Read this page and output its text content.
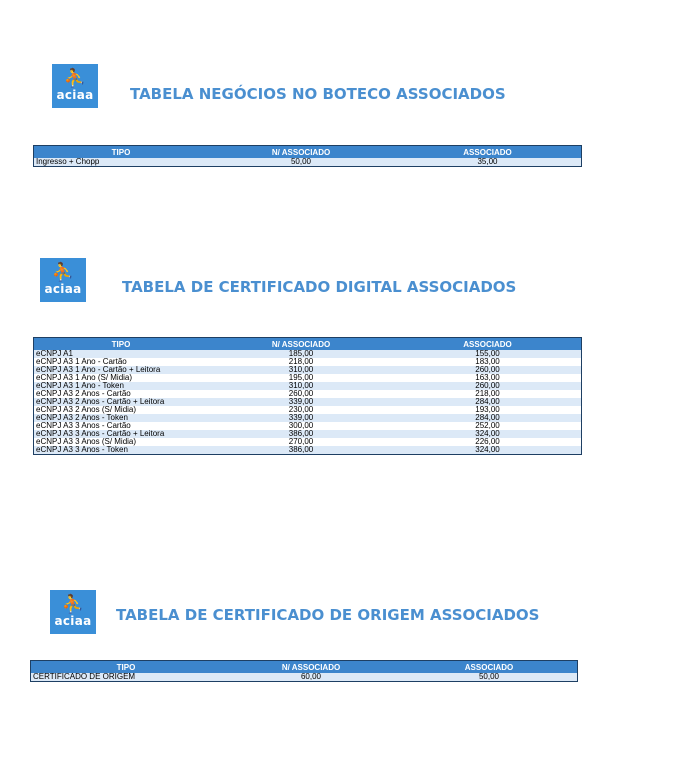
⛹
aciaa TABELA NEGÓCIOS NO BOTECO ASSOCIADOS
TIPO	N/ ASSOCIADO	ASSOCIADO
Ingresso + Chopp	50,00	35,00
⛹
aciaa	TABELA DE CERTIFICADO DIGITAL ASSOCIADOS
TIPO	N/ ASSOCIADO	ASSOCIADO
eCNPJ A1	185,00	155,00
eCNPJ A3 1 Ano - Cartão	218,00	183,00
eCNPJ A3 1 Ano - Cartão + Leitora	310,00	260,00
eCNPJ A3 1 Ano (S/ Midia)	195,00	163,00
eCNPJ A3 1 Ano - Token	310,00	260,00
eCNPJ A3 2 Anos - Cartão	260,00	218,00
eCNPJ A3 2 Anos - Cartão + Leitora	339,00	284,00
eCNPJ A3 2 Anos (S/ Midia)	230,00	193,00
eCNPJ A3 2 Anos - Token	339,00	284,00
eCNPJ A3 3 Anos - Cartão	300,00	252,00
eCNPJ A3 3 Anos - Cartão + Leitora	386,00	324,00
eCNPJ A3 3 Anos (S/ Midia)	270,00	226,00
eCNPJ A3 3 Anos - Token	386,00	324,00
⛹
aciaa TABELA DE CERTIFICADO DE ORIGEM ASSOCIADOS
TIPO	N/ ASSOCIADO	ASSOCIADO
CERTIFICADO DE ORIGEM	60,00	50,00
